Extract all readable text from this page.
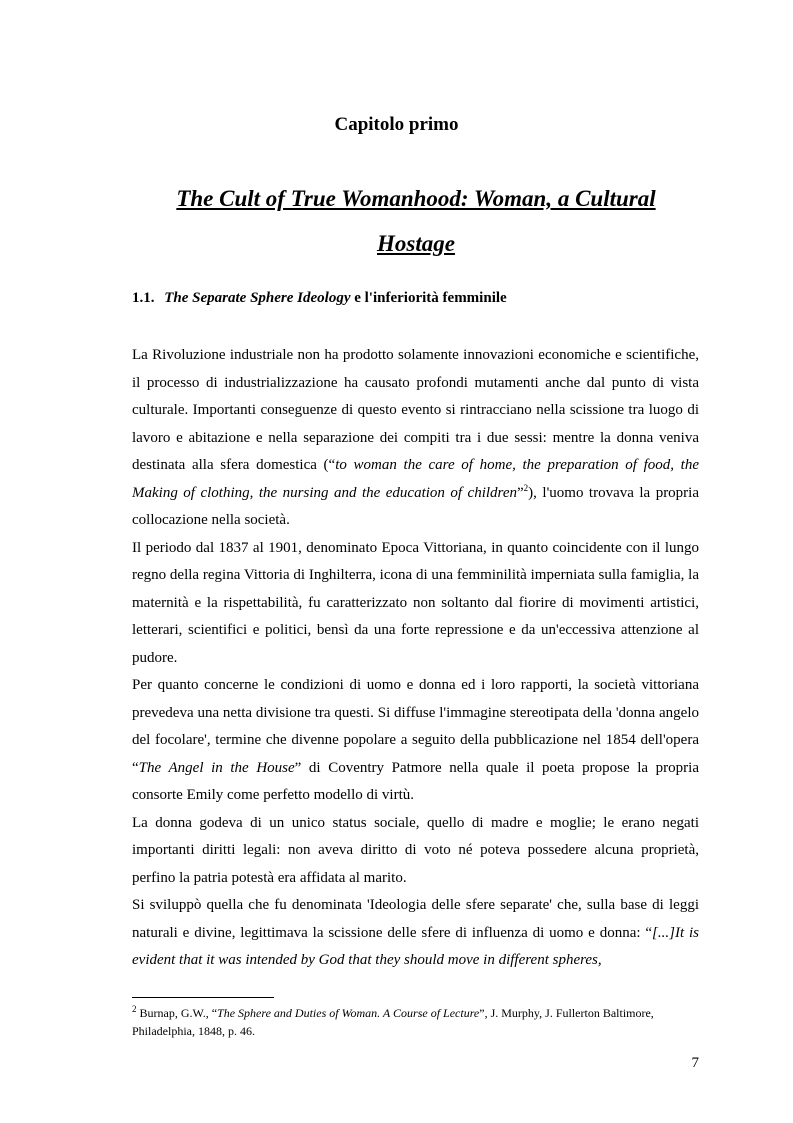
Capitolo primo
The Cult of True Womanhood: Woman, a Cultural
Hostage
1.1. The Separate Sphere Ideology e l'inferiorità femminile

La Rivoluzione industriale non ha prodotto solamente innovazioni economiche e scientifiche, il processo di industrializzazione ha causato profondi mutamenti anche dal punto di vista culturale. Importanti conseguenze di questo evento si rintracciano nella scissione tra luogo di lavoro e abitazione e nella separazione dei compiti tra i due sessi: mentre la donna veniva destinata alla sfera domestica (“to woman the care of home, the preparation of food, the Making of clothing, the nursing and the education of children”$^2$), l'uomo trovava la propria collocazione nella società.

Il periodo dal 1837 al 1901, denominato Epoca Vittoriana, in quanto coincidente con il lungo regno della regina Vittoria di Inghilterra, icona di una femminilità imperniata sulla famiglia, la maternità e la rispettabilità, fu caratterizzato non soltanto dal fiorire di movimenti artistici, letterari, scientifici e politici, bensì da una forte repressione e da un'eccessiva attenzione al pudore.

Per quanto concerne le condizioni di uomo e donna ed i loro rapporti, la società vittoriana prevedeva una netta divisione tra questi. Si diffuse l'immagine stereotipata della 'donna angelo del focolare', termine che divenne popolare a seguito della pubblicazione nel 1854 dell'opera “The Angel in the House” di Coventry Patmore nella quale il poeta propose la propria consorte Emily come perfetto modello di virtù.

La donna godeva di un unico status sociale, quello di madre e moglie; le erano negati importanti diritti legali: non aveva diritto di voto né poteva possedere alcuna proprietà, perfino la patria potestà era affidata al marito.

Si sviluppò quella che fu denominata 'Ideologia delle sfere separate' che, sulla base di leggi naturali e divine, legittimava la scissione delle sfere di influenza di uomo e donna: “[...]It is evident that it was intended by God that they should move in different spheres,

$^2$ Burnap, G.W., “The Sphere and Duties of Woman. A Course of Lecture”, J. Murphy, J. Fullerton Baltimore, Philadelphia, 1848, p. 46.
7
